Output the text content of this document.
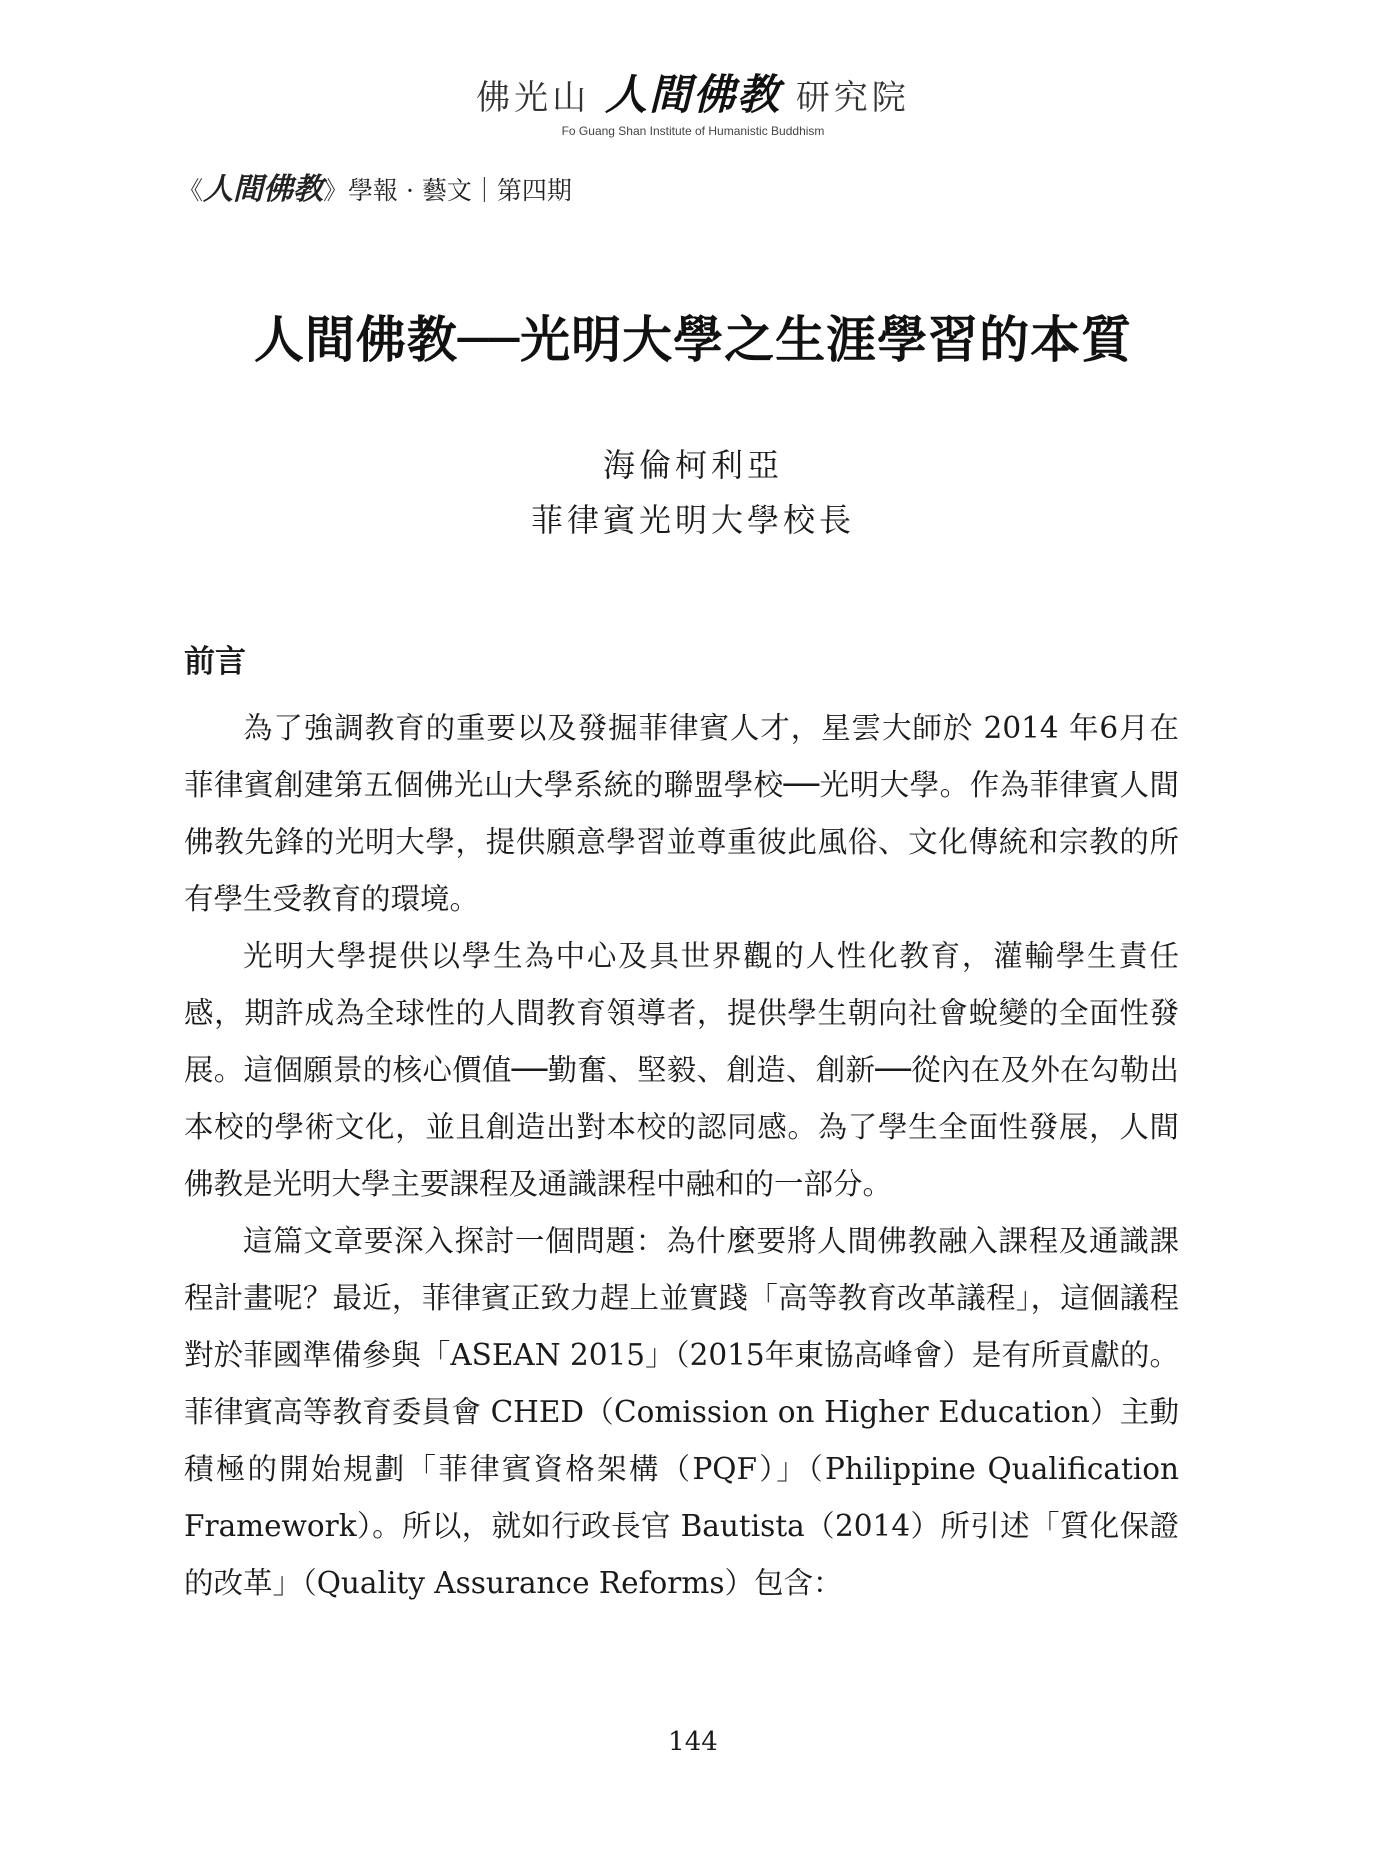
佛光山 人間佛教 研究院
Fo Guang Shan Institute of Humanistic Buddhism
《人間佛教》學報 · 藝文｜第四期
人間佛教──光明大學之生涯學習的本質
海倫柯利亞
菲律賓光明大學校長
前言

為了強調教育的重要以及發掘菲律賓人才，星雲大師於 2014 年6月在菲律賓創建第五個佛光山大學系統的聯盟學校──光明大學。作為菲律賓人間佛教先鋒的光明大學，提供願意學習並尊重彼此風俗、文化傳統和宗教的所有學生受教育的環境。

光明大學提供以學生為中心及具世界觀的人性化教育，灌輸學生責任感，期許成為全球性的人間教育領導者，提供學生朝向社會蛻變的全面性發展。這個願景的核心價值──勤奮、堅毅、創造、創新──從內在及外在勾勒出本校的學術文化，並且創造出對本校的認同感。為了學生全面性發展，人間佛教是光明大學主要課程及通識課程中融和的一部分。

這篇文章要深入探討一個問題：為什麼要將人間佛教融入課程及通識課程計畫呢？最近，菲律賓正致力趕上並實踐「高等教育改革議程」，這個議程對於菲國準備參與「ASEAN 2015」（2015年東協高峰會）是有所貢獻的。菲律賓高等教育委員會 CHED（Comission on Higher Education）主動積極的開始規劃「菲律賓資格架構（PQF）」（Philippine Qualification Framework）。所以，就如行政長官 Bautista（2014）所引述「質化保證的改革」（Quality Assurance Reforms）包含：

144
